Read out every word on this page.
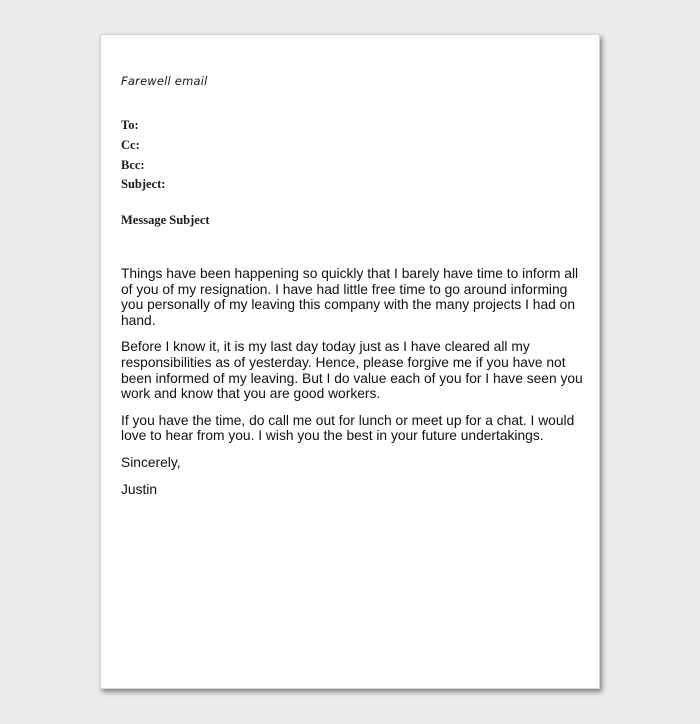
Farewell email
To:
Cc:
Bcc:
Subject:
Message Subject

Things have been happening so quickly that I barely have time to inform all of you of my resignation. I have had little free time to go around informing you personally of my leaving this company with the many projects I had on hand.

Before I know it, it is my last day today just as I have cleared all my responsibilities as of yesterday. Hence, please forgive me if you have not been informed of my leaving. But I do value each of you for I have seen you work and know that you are good workers.

If you have the time, do call me out for lunch or meet up for a chat. I would love to hear from you. I wish you the best in your future undertakings.

Sincerely,

Justin
